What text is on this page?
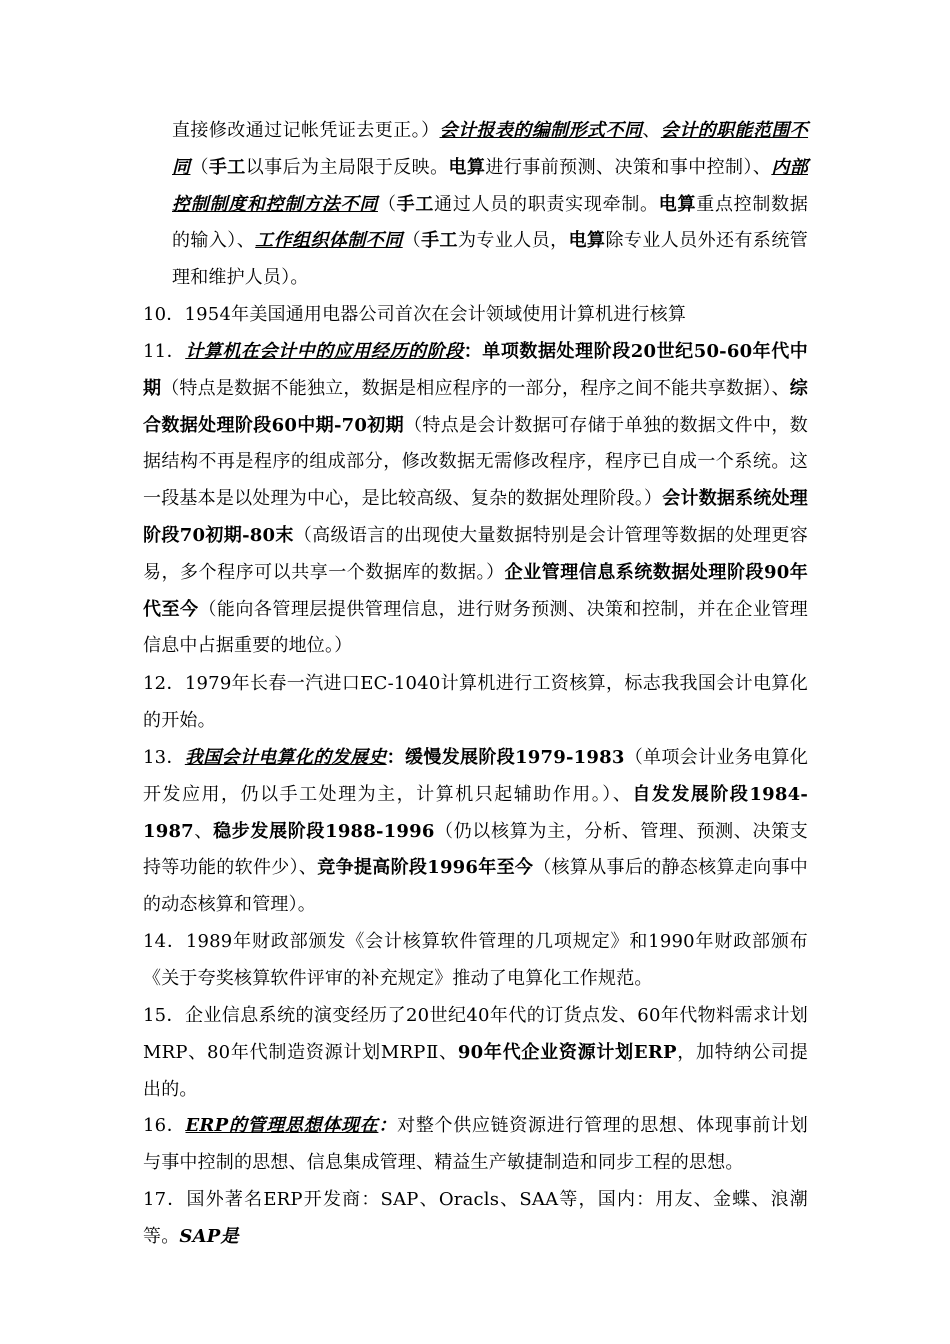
直接修改通过记帐凭证去更正。）会计报表的编制形式不同、会计的职能范围不同（手工以事后为主局限于反映。电算进行事前预测、决策和事中控制）、内部控制制度和控制方法不同（手工通过人员的职责实现牵制。电算重点控制数据的输入）、工作组织体制不同（手工为专业人员，电算除专业人员外还有系统管理和维护人员）。

10．1954年美国通用电器公司首次在会计领域使用计算机进行核算

11．计算机在会计中的应用经历的阶段：单项数据处理阶段20世纪50-60年代中期（特点是数据不能独立，数据是相应程序的一部分，程序之间不能共享数据）、综合数据处理阶段60中期-70初期（特点是会计数据可存储于单独的数据文件中，数据结构不再是程序的组成部分，修改数据无需修改程序，程序已自成一个系统。这一段基本是以处理为中心，是比较高级、复杂的数据处理阶段。）会计数据系统处理阶段70初期-80末（高级语言的出现使大量数据特别是会计管理等数据的处理更容易，多个程序可以共享一个数据库的数据。）企业管理信息系统数据处理阶段90年代至今（能向各管理层提供管理信息，进行财务预测、决策和控制，并在企业管理信息中占据重要的地位。）

12．1979年长春一汽进口EC-1040计算机进行工资核算，标志我我国会计电算化的开始。

13．我国会计电算化的发展史：缓慢发展阶段1979-1983（单项会计业务电算化开发应用，仍以手工处理为主，计算机只起辅助作用。）、自发发展阶段1984-1987、稳步发展阶段1988-1996（仍以核算为主，分析、管理、预测、决策支持等功能的软件少）、竞争提高阶段1996年至今（核算从事后的静态核算走向事中的动态核算和管理）。

14．1989年财政部颁发《会计核算软件管理的几项规定》和1990年财政部颁布《关于夸奖核算软件评审的补充规定》推动了电算化工作规范。

15．企业信息系统的演变经历了20世纪40年代的订货点发、60年代物料需求计划MRP、80年代制造资源计划MRPⅡ、90年代企业资源计划ERP，加特纳公司提出的。

16．ERP的管理思想体现在：对整个供应链资源进行管理的思想、体现事前计划与事中控制的思想、信息集成管理、精益生产敏捷制造和同步工程的思想。

17．国外著名ERP开发商：SAP、Oracls、SAA等，国内：用友、金蝶、浪潮等。SAP是
